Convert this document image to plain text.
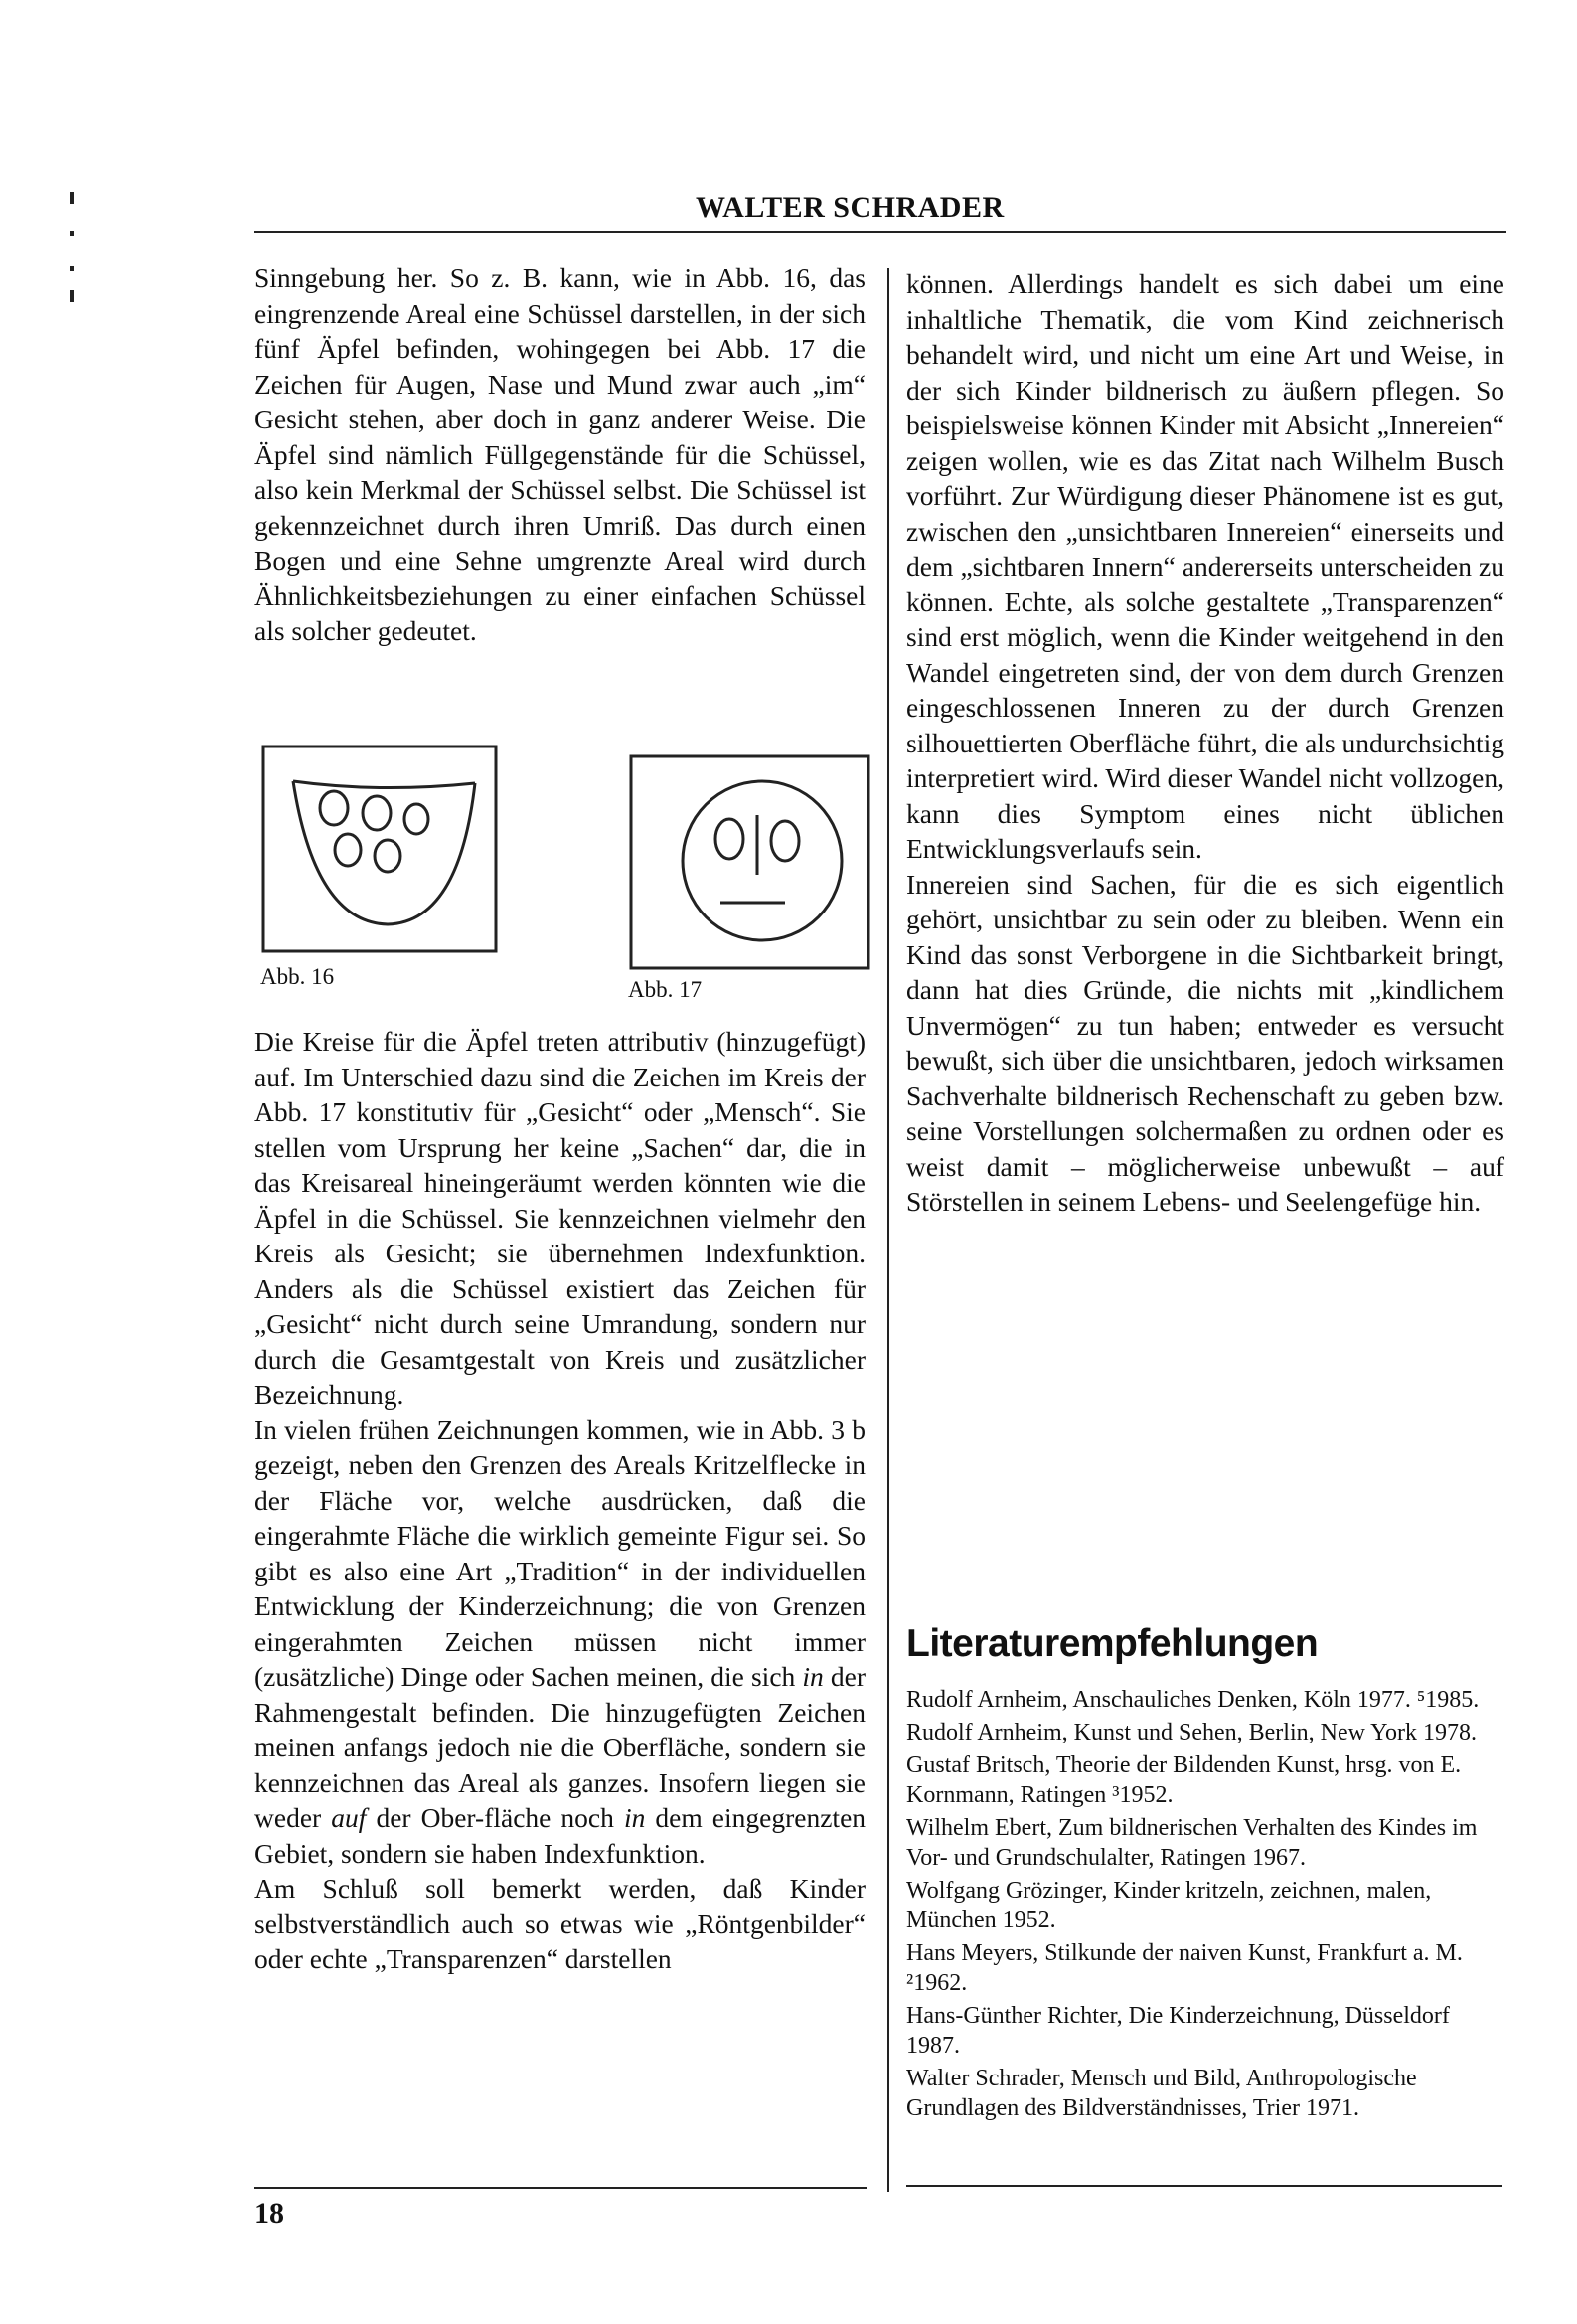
WALTER SCHRADER

Sinngebung her. So z. B. kann, wie in Abb. 16, das eingrenzende Areal eine Schüssel darstellen, in der sich fünf Äpfel befinden, wohingegen bei Abb. 17 die Zeichen für Augen, Nase und Mund zwar auch „im“ Gesicht stehen, aber doch in ganz anderer Weise. Die Äpfel sind nämlich Füllgegenstände für die Schüssel, also kein Merkmal der Schüssel selbst. Die Schüssel ist gekennzeichnet durch ihren Umriß. Das durch einen Bogen und eine Sehne umgrenzte Areal wird durch Ähnlichkeitsbeziehungen zu einer einfachen Schüssel als solcher gedeutet.

Abb. 16
Abb. 17

Die Kreise für die Äpfel treten attributiv (hinzugefügt) auf. Im Unterschied dazu sind die Zeichen im Kreis der Abb. 17 konstitutiv für „Gesicht“ oder „Mensch“. Sie stellen vom Ursprung her keine „Sachen“ dar, die in das Kreisareal hineingeräumt werden könnten wie die Äpfel in die Schüssel. Sie kennzeichnen vielmehr den Kreis als Gesicht; sie übernehmen Indexfunktion. Anders als die Schüssel existiert das Zeichen für „Gesicht“ nicht durch seine Umrandung, sondern nur durch die Gesamtgestalt von Kreis und zusätzlicher Bezeichnung.

In vielen frühen Zeichnungen kommen, wie in Abb. 3 b gezeigt, neben den Grenzen des Areals Kritzelflecke in der Fläche vor, welche ausdrücken, daß die eingerahmte Fläche die wirklich gemeinte Figur sei. So gibt es also eine Art „Tradition“ in der individuellen Entwicklung der Kinderzeichnung; die von Grenzen eingerahmten Zeichen müssen nicht immer (zusätzliche) Dinge oder Sachen meinen, die sich in der Rahmengestalt befinden. Die hinzugefügten Zeichen meinen anfangs jedoch nie die Oberfläche, sondern sie kennzeichnen das Areal als ganzes. Insofern liegen sie weder auf der Ober-fläche noch in dem eingegrenzten Gebiet, sondern sie haben Indexfunktion.

Am Schluß soll bemerkt werden, daß Kinder selbstverständlich auch so etwas wie „Röntgenbilder“ oder echte „Transparenzen“ darstellen

können. Allerdings handelt es sich dabei um eine inhaltliche Thematik, die vom Kind zeichnerisch behandelt wird, und nicht um eine Art und Weise, in der sich Kinder bildnerisch zu äußern pflegen. So beispielsweise können Kinder mit Absicht „Innereien“ zeigen wollen, wie es das Zitat nach Wilhelm Busch vorführt. Zur Würdigung dieser Phänomene ist es gut, zwischen den „unsichtbaren Innereien“ einerseits und dem „sichtbaren Innern“ andererseits unterscheiden zu können. Echte, als solche gestaltete „Transparenzen“ sind erst möglich, wenn die Kinder weitgehend in den Wandel eingetreten sind, der von dem durch Grenzen eingeschlossenen Inneren zu der durch Grenzen silhouettierten Oberfläche führt, die als undurchsichtig interpretiert wird. Wird dieser Wandel nicht vollzogen, kann dies Symptom eines nicht üblichen Entwicklungsverlaufs sein.

Innereien sind Sachen, für die es sich eigentlich gehört, unsichtbar zu sein oder zu bleiben. Wenn ein Kind das sonst Verborgene in die Sichtbarkeit bringt, dann hat dies Gründe, die nichts mit „kindlichem Unvermögen“ zu tun haben; entweder es versucht bewußt, sich über die unsichtbaren, jedoch wirksamen Sachverhalte bildnerisch Rechenschaft zu geben bzw. seine Vorstellungen solchermaßen zu ordnen oder es weist damit – möglicherweise unbewußt – auf Störstellen in seinem Lebens- und Seelengefüge hin.

Literaturempfehlungen

Rudolf Arnheim, Anschauliches Denken, Köln 1977. ⁵1985.

Rudolf Arnheim, Kunst und Sehen, Berlin, New York 1978.

Gustaf Britsch, Theorie der Bildenden Kunst, hrsg. von E. Kornmann, Ratingen ³1952.

Wilhelm Ebert, Zum bildnerischen Verhalten des Kindes im Vor- und Grundschulalter, Ratingen 1967.

Wolfgang Grözinger, Kinder kritzeln, zeichnen, malen, München 1952.

Hans Meyers, Stilkunde der naiven Kunst, Frankfurt a. M. ²1962.

Hans-Günther Richter, Die Kinderzeichnung, Düsseldorf 1987.

Walter Schrader, Mensch und Bild, Anthropologische Grundlagen des Bildverständnisses, Trier 1971.

18
